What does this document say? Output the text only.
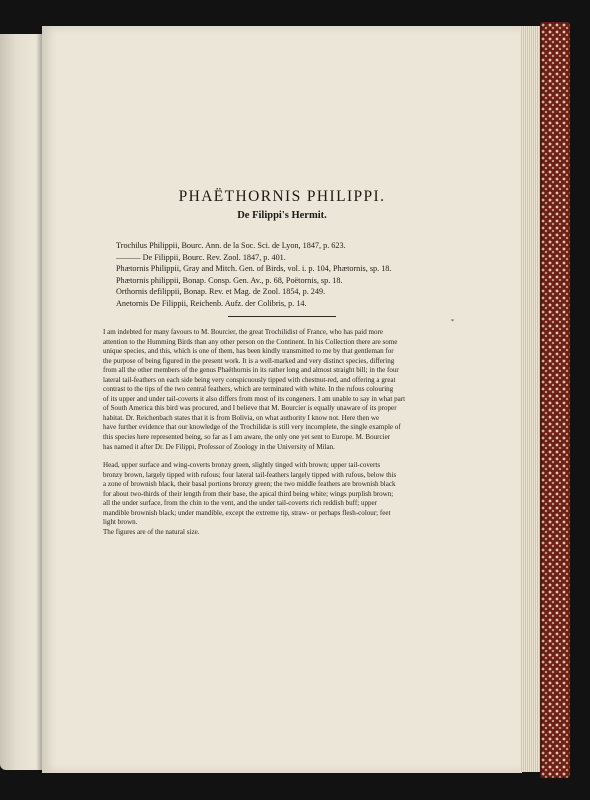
PHAËTHORNIS PHILIPPI.
De Filippi's Hermit.
Trochilus Philippii, Bourc. Ann. de la Soc. Sci. de Lyon, 1847, p. 623.
——— De Filippii, Bourc. Rev. Zool. 1847, p. 401.
Phætornis Philippii, Gray and Mitch. Gen. of Birds, vol. i. p. 104, Phætornis, sp. 18.
Phætornis philippii, Bonap. Consp. Gen. Av., p. 68, Poëtornis, sp. 18.
Orthornis defilippii, Bonap. Rev. et Mag. de Zool. 1854, p. 249.
Anetornis De Filippii, Reichenb. Aufz. der Colibris, p. 14.
*
I am indebted for many favours to M. Bourcier, the great Trochilidist of France, who has paid more
attention to the Humming Birds than any other person on the Continent. In his Collection there are some
unique species, and this, which is one of them, has been kindly transmitted to me by that gentleman for
the purpose of being figured in the present work. It is a well-marked and very distinct species, differing
from all the other members of the genus Phaëthornis in its rather long and almost straight bill; in the four
lateral tail-feathers on each side being very conspicuously tipped with chestnut-red, and offering a great
contrast to the tips of the two central feathers, which are terminated with white. In the rufous colouring
of its upper and under tail-coverts it also differs from most of its congeners. I am unable to say in what part
of South America this bird was procured, and I believe that M. Bourcier is equally unaware of its proper
habitat. Dr. Reichenbach states that it is from Bolivia, on what authority I know not. Here then we
have further evidence that our knowledge of the Trochilidæ is still very incomplete, the single example of
this species here represented being, so far as I am aware, the only one yet sent to Europe. M. Bourcier
has named it after Dr. De Filippi, Professor of Zoology in the University of Milan.
Head, upper surface and wing-coverts bronzy green, slightly tinged with brown; upper tail-coverts
bronzy brown, largely tipped with rufous; four lateral tail-feathers largely tipped with rufous, below this
a zone of brownish black, their basal portions bronzy green; the two middle feathers are brownish black
for about two-thirds of their length from their base, the apical third being white; wings purplish brown;
all the under surface, from the chin to the vent, and the under tail-coverts rich reddish buff; upper
mandible brownish black; under mandible, except the extreme tip, straw- or perhaps flesh-colour; feet
light brown.
The figures are of the natural size.
